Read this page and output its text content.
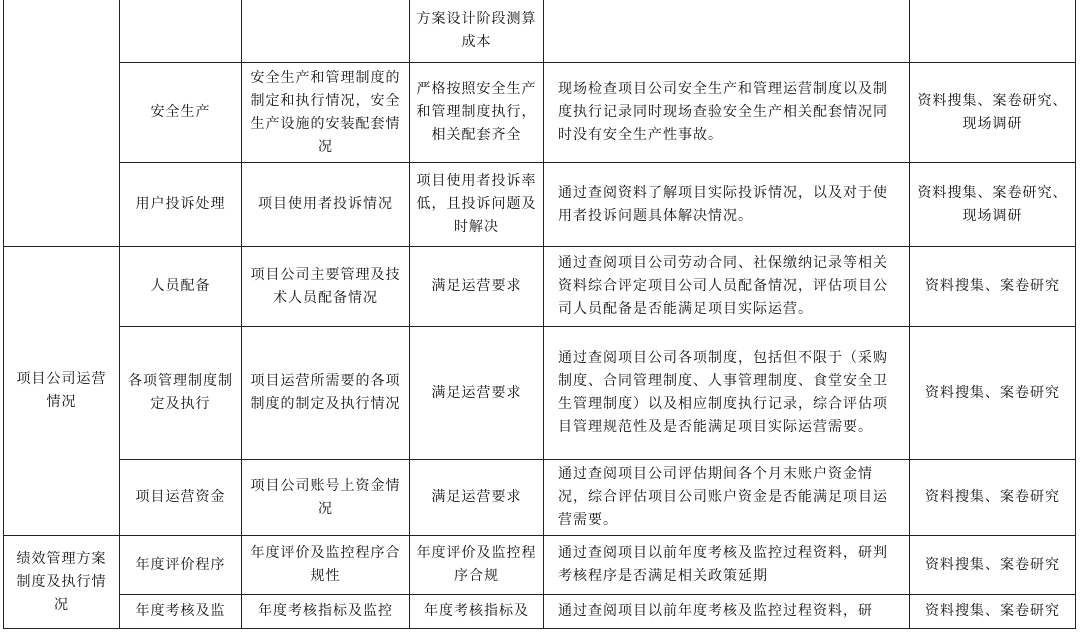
			方案设计阶段测算成本		
	安全生产	安全生产和管理制度的制定和执行情况，安全生产设施的安装配套情况	严格按照安全生产和管理制度执行，相关配套齐全	现场检查项目公司安全生产和管理运营制度以及制度执行记录同时现场查验安全生产相关配套情况同时没有安全生产性事故。	资料搜集、案卷研究、现场调研
	用户投诉处理	项目使用者投诉情况	项目使用者投诉率低，且投诉问题及时解决	通过查阅资料了解项目实际投诉情况，以及对于使用者投诉问题具体解决情况。	资料搜集、案卷研究、现场调研
项目公司运营情况	人员配备	项目公司主要管理及技术人员配备情况	满足运营要求	通过查阅项目公司劳动合同、社保缴纳记录等相关资料综合评定项目公司人员配备情况，评估项目公司人员配备是否能满足项目实际运营。	资料搜集、案卷研究
	各项管理制度制定及执行	项目运营所需要的各项制度的制定及执行情况	满足运营要求	通过查阅项目公司各项制度，包括但不限于（采购制度、合同管理制度、人事管理制度、食堂安全卫生管理制度）以及相应制度执行记录，综合评估项目管理规范性及是否能满足项目实际运营需要。	资料搜集、案卷研究
	项目运营资金	项目公司账号上资金情况	满足运营要求	通过查阅项目公司评估期间各个月末账户资金情况，综合评估项目公司账户资金是否能满足项目运营需要。	资料搜集、案卷研究
绩效管理方案制度及执行情况	年度评价程序	年度评价及监控程序合规性	年度评价及监控程序合规	通过查阅项目以前年度考核及监控过程资料，研判考核程序是否满足相关政策延期	资料搜集、案卷研究
	年度考核及监	年度考核指标及监控	年度考核指标及	通过查阅项目以前年度考核及监控过程资料，研	资料搜集、案卷研究
